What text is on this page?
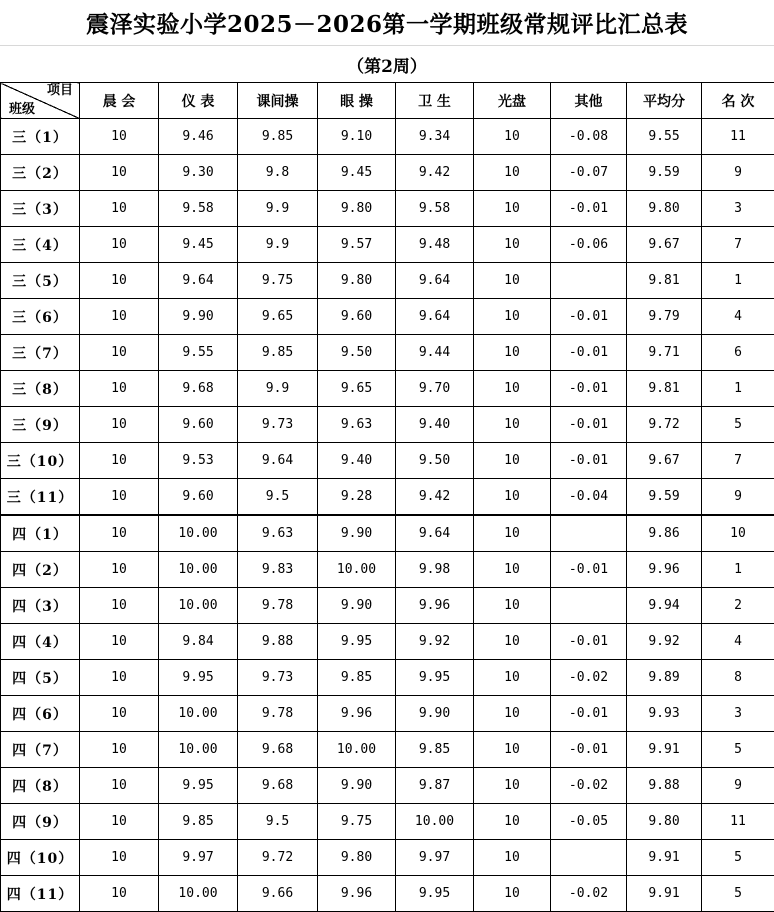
震泽实验小学2025－2026第一学期班级常规评比汇总表
（第2周）
项目
班级	晨 会	仪 表	课间操	眼 操	卫 生	光盘	其他	平均分	名 次
三（1）	10	9.46	9.85	9.10	9.34	10	-0.08	9.55	11
三（2）	10	9.30	9.8	9.45	9.42	10	-0.07	9.59	9
三（3）	10	9.58	9.9	9.80	9.58	10	-0.01	9.80	3
三（4）	10	9.45	9.9	9.57	9.48	10	-0.06	9.67	7
三（5）	10	9.64	9.75	9.80	9.64	10		9.81	1
三（6）	10	9.90	9.65	9.60	9.64	10	-0.01	9.79	4
三（7）	10	9.55	9.85	9.50	9.44	10	-0.01	9.71	6
三（8）	10	9.68	9.9	9.65	9.70	10	-0.01	9.81	1
三（9）	10	9.60	9.73	9.63	9.40	10	-0.01	9.72	5
三（10）	10	9.53	9.64	9.40	9.50	10	-0.01	9.67	7
三（11）	10	9.60	9.5	9.28	9.42	10	-0.04	9.59	9
四（1）	10	10.00	9.63	9.90	9.64	10		9.86	10
四（2）	10	10.00	9.83	10.00	9.98	10	-0.01	9.96	1
四（3）	10	10.00	9.78	9.90	9.96	10		9.94	2
四（4）	10	9.84	9.88	9.95	9.92	10	-0.01	9.92	4
四（5）	10	9.95	9.73	9.85	9.95	10	-0.02	9.89	8
四（6）	10	10.00	9.78	9.96	9.90	10	-0.01	9.93	3
四（7）	10	10.00	9.68	10.00	9.85	10	-0.01	9.91	5
四（8）	10	9.95	9.68	9.90	9.87	10	-0.02	9.88	9
四（9）	10	9.85	9.5	9.75	10.00	10	-0.05	9.80	11
四（10）	10	9.97	9.72	9.80	9.97	10		9.91	5
四（11）	10	10.00	9.66	9.96	9.95	10	-0.02	9.91	5
